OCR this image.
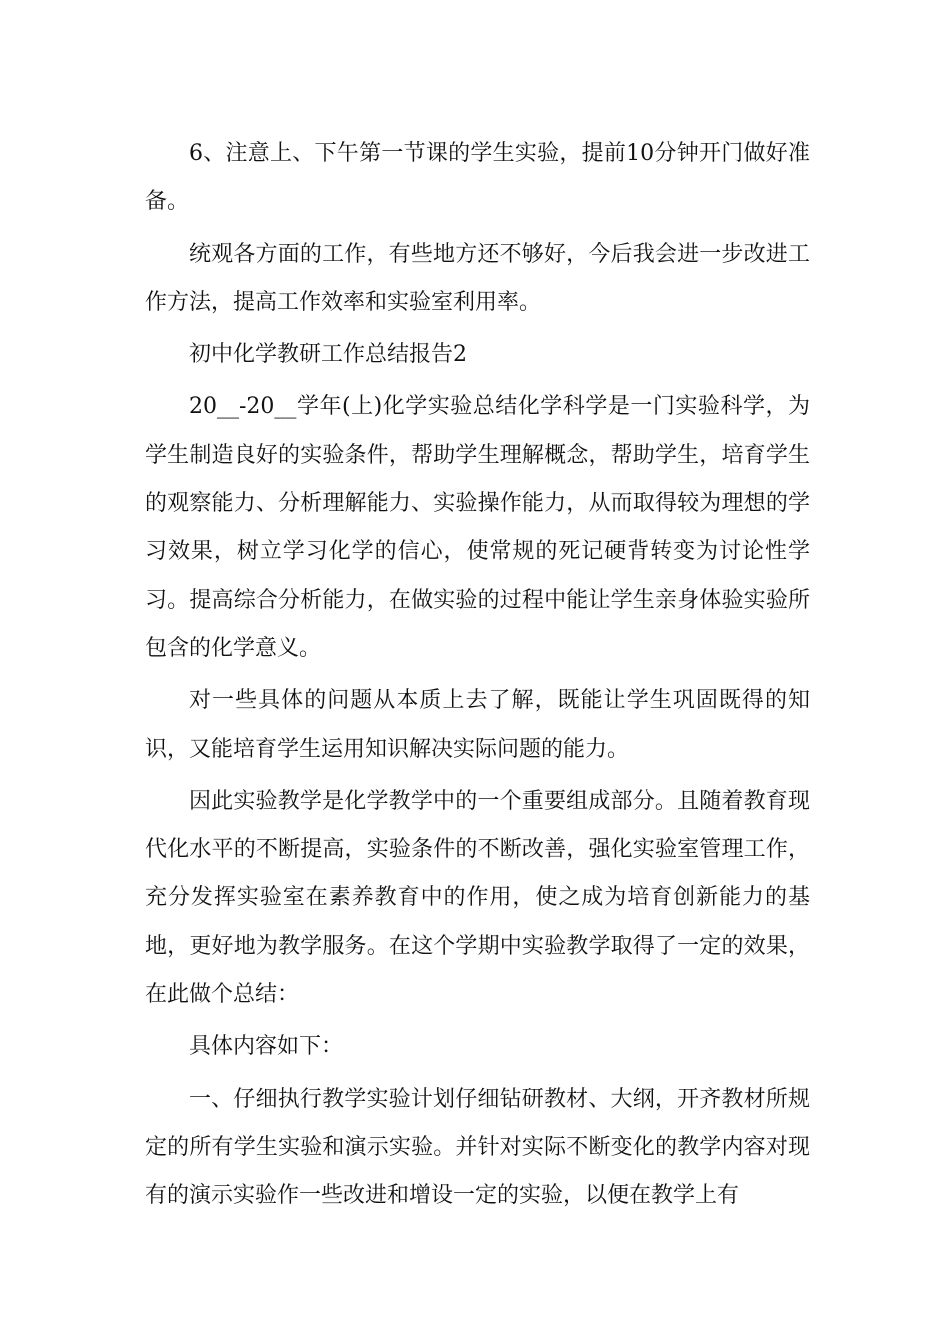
6、注意上、下午第一节课的学生实验，提前10分钟开门做好准备。

统观各方面的工作，有些地方还不够好，今后我会进一步改进工作方法，提高工作效率和实验室利用率。

初中化学教研工作总结报告2

20__-20__学年(上)化学实验总结化学科学是一门实验科学，为学生制造良好的实验条件，帮助学生理解概念，帮助学生，培育学生的观察能力、分析理解能力、实验操作能力，从而取得较为理想的学习效果，树立学习化学的信心，使常规的死记硬背转变为讨论性学习。提高综合分析能力，在做实验的过程中能让学生亲身体验实验所包含的化学意义。

对一些具体的问题从本质上去了解，既能让学生巩固既得的知识，又能培育学生运用知识解决实际问题的能力。

因此实验教学是化学教学中的一个重要组成部分。且随着教育现代化水平的不断提高，实验条件的不断改善，强化实验室管理工作，充分发挥实验室在素养教育中的作用，使之成为培育创新能力的基地，更好地为教学服务。在这个学期中实验教学取得了一定的效果，在此做个总结：

具体内容如下：

一、仔细执行教学实验计划仔细钻研教材、大纲，开齐教材所规定的所有学生实验和演示实验。并针对实际不断变化的教学内容对现有的演示实验作一些改进和增设一定的实验，以便在教学上有
